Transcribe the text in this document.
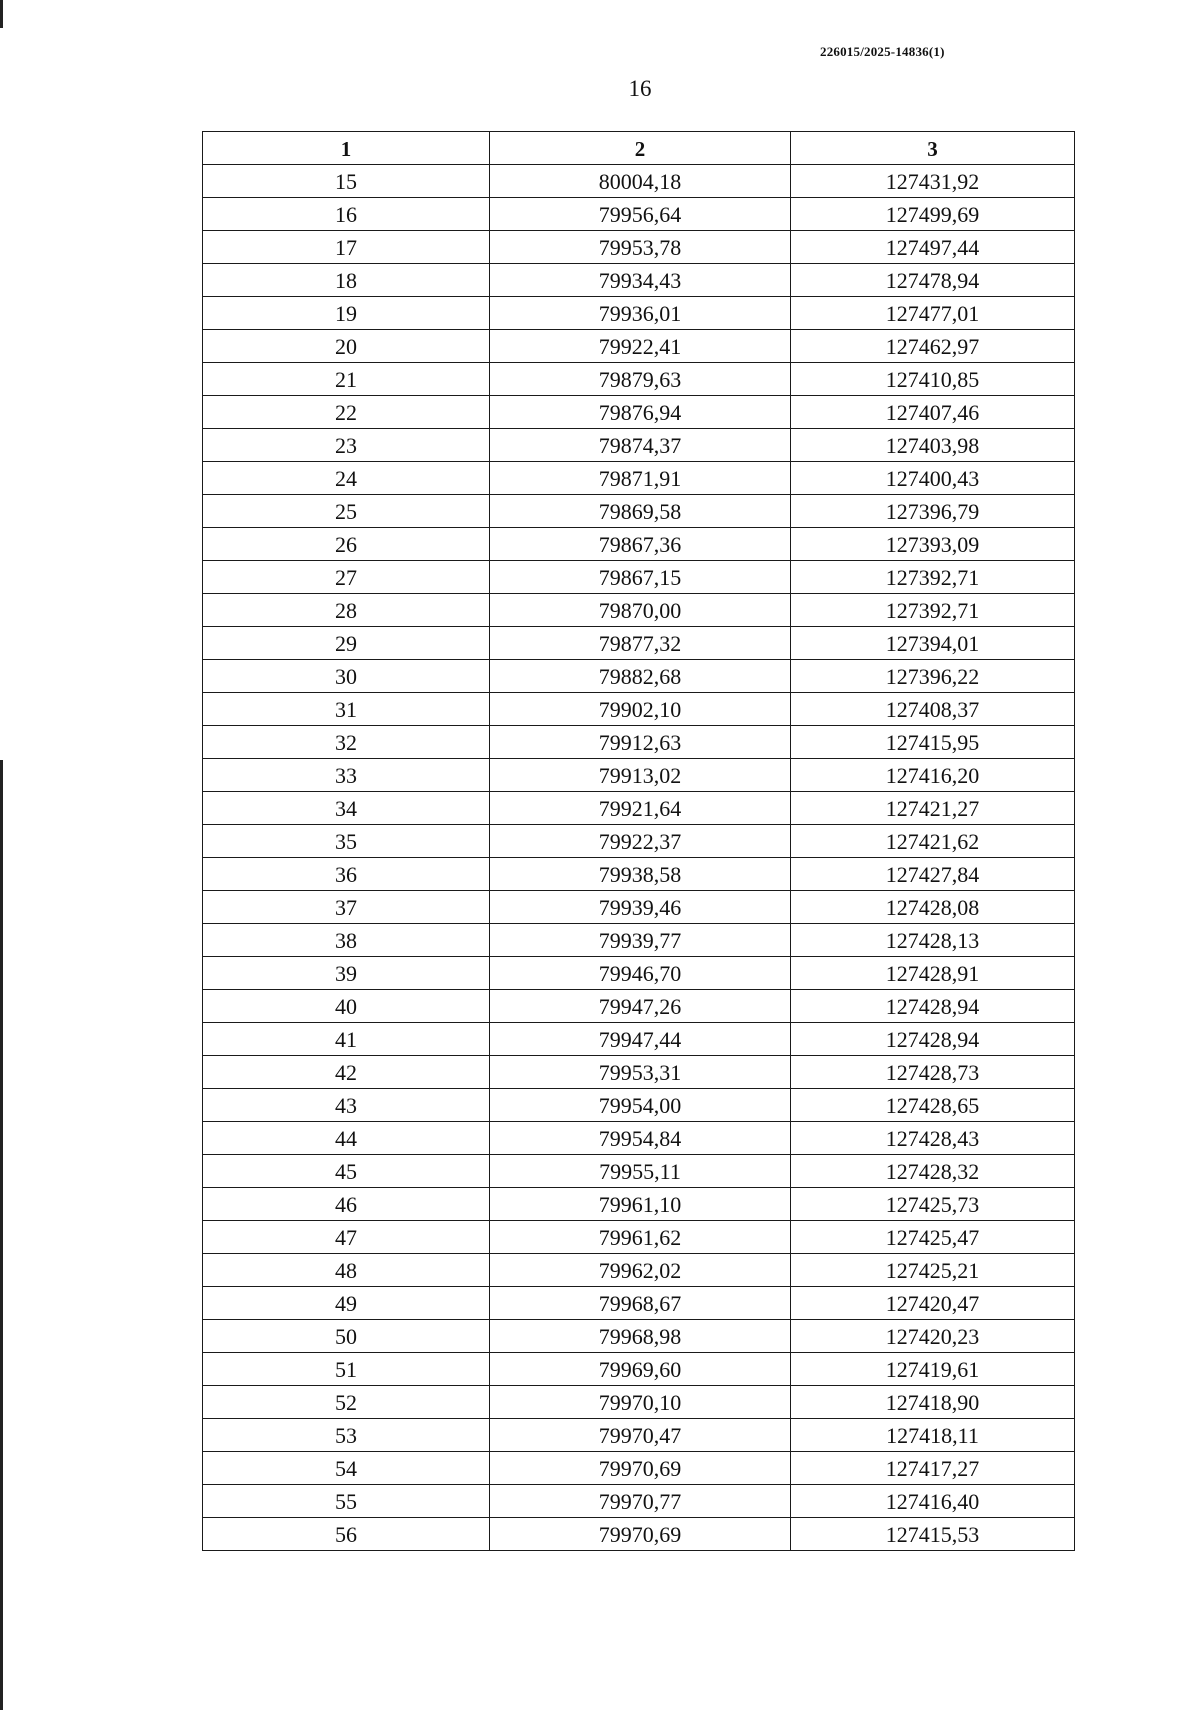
226015/2025-14836(1)
16
1	2	3
15	80004,18	127431,92
16	79956,64	127499,69
17	79953,78	127497,44
18	79934,43	127478,94
19	79936,01	127477,01
20	79922,41	127462,97
21	79879,63	127410,85
22	79876,94	127407,46
23	79874,37	127403,98
24	79871,91	127400,43
25	79869,58	127396,79
26	79867,36	127393,09
27	79867,15	127392,71
28	79870,00	127392,71
29	79877,32	127394,01
30	79882,68	127396,22
31	79902,10	127408,37
32	79912,63	127415,95
33	79913,02	127416,20
34	79921,64	127421,27
35	79922,37	127421,62
36	79938,58	127427,84
37	79939,46	127428,08
38	79939,77	127428,13
39	79946,70	127428,91
40	79947,26	127428,94
41	79947,44	127428,94
42	79953,31	127428,73
43	79954,00	127428,65
44	79954,84	127428,43
45	79955,11	127428,32
46	79961,10	127425,73
47	79961,62	127425,47
48	79962,02	127425,21
49	79968,67	127420,47
50	79968,98	127420,23
51	79969,60	127419,61
52	79970,10	127418,90
53	79970,47	127418,11
54	79970,69	127417,27
55	79970,77	127416,40
56	79970,69	127415,53
